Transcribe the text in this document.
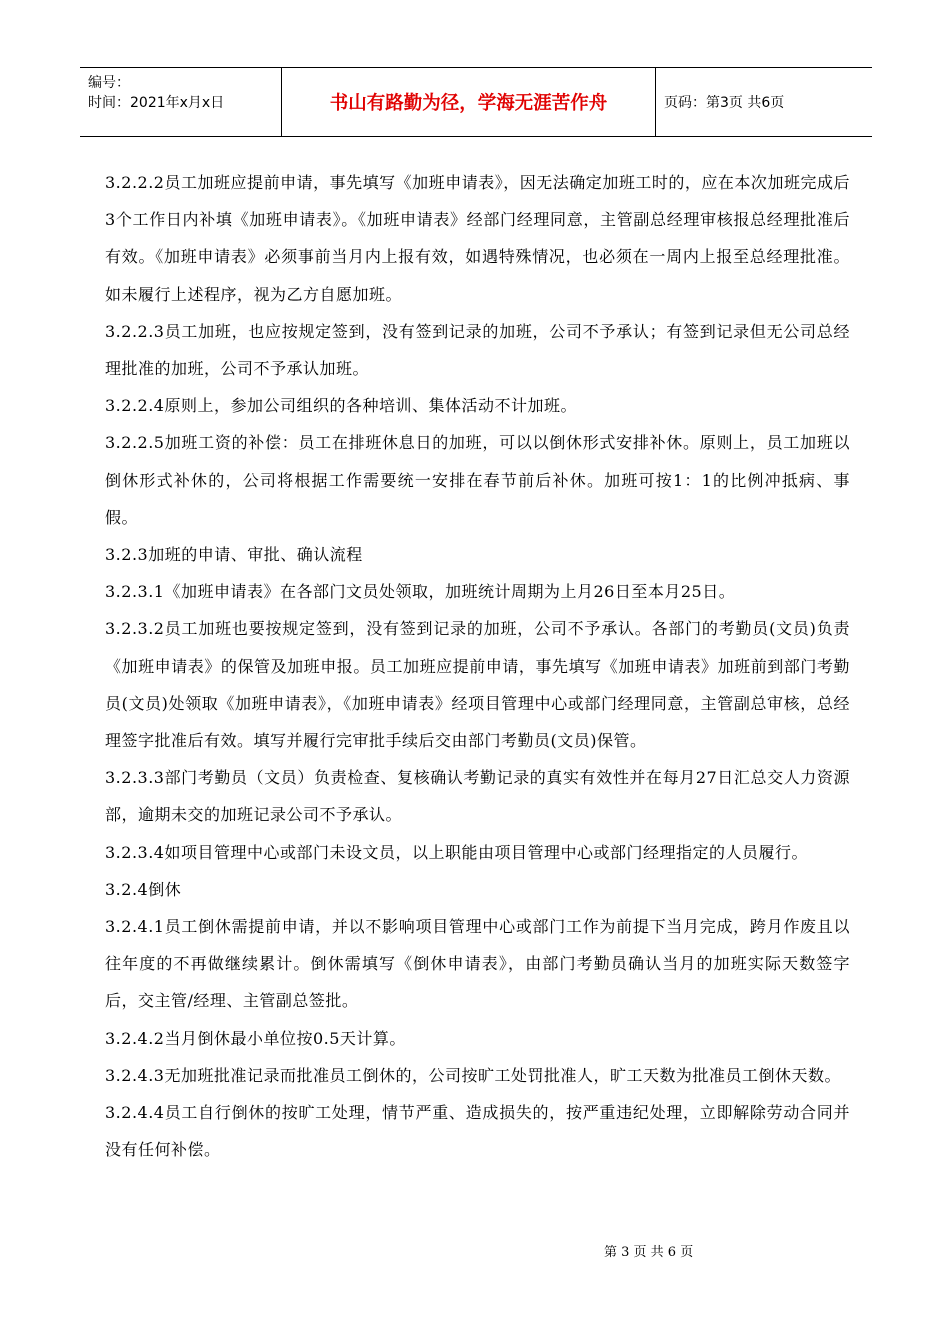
编号：
时间：2021年x月x日	书山有路勤为径，学海无涯苦作舟	页码：第3页 共6页

3.2.2.2员工加班应提前申请，事先填写《加班申请表》，因无法确定加班工时的，应在本次加班完成后3个工作日内补填《加班申请表》。《加班申请表》经部门经理同意，主管副总经理审核报总经理批准后有效。《加班申请表》必须事前当月内上报有效，如遇特殊情况，也必须在一周内上报至总经理批准。如未履行上述程序，视为乙方自愿加班。

3.2.2.3员工加班，也应按规定签到，没有签到记录的加班，公司不予承认；有签到记录但无公司总经理批准的加班，公司不予承认加班。

3.2.2.4原则上，参加公司组织的各种培训、集体活动不计加班。

3.2.2.5加班工资的补偿：员工在排班休息日的加班，可以以倒休形式安排补休。原则上，员工加班以倒休形式补休的，公司将根据工作需要统一安排在春节前后补休。加班可按1：1的比例冲抵病、事假。

3.2.3加班的申请、审批、确认流程

3.2.3.1《加班申请表》在各部门文员处领取，加班统计周期为上月26日至本月25日。

3.2.3.2员工加班也要按规定签到，没有签到记录的加班，公司不予承认。各部门的考勤员(文员)负责《加班申请表》的保管及加班申报。员工加班应提前申请，事先填写《加班申请表》加班前到部门考勤员(文员)处领取《加班申请表》，《加班申请表》经项目管理中心或部门经理同意，主管副总审核，总经理签字批准后有效。填写并履行完审批手续后交由部门考勤员(文员)保管。

3.2.3.3部门考勤员（文员）负责检查、复核确认考勤记录的真实有效性并在每月27日汇总交人力资源部，逾期未交的加班记录公司不予承认。

3.2.3.4如项目管理中心或部门未设文员，以上职能由项目管理中心或部门经理指定的人员履行。

3.2.4倒休

3.2.4.1员工倒休需提前申请，并以不影响项目管理中心或部门工作为前提下当月完成，跨月作废且以往年度的不再做继续累计。倒休需填写《倒休申请表》，由部门考勤员确认当月的加班实际天数签字后，交主管/经理、主管副总签批。

3.2.4.2当月倒休最小单位按0.5天计算。

3.2.4.3无加班批准记录而批准员工倒休的，公司按旷工处罚批准人，旷工天数为批准员工倒休天数。

3.2.4.4员工自行倒休的按旷工处理，情节严重、造成损失的，按严重违纪处理，立即解除劳动合同并没有任何补偿。

第 3 页 共 6 页
